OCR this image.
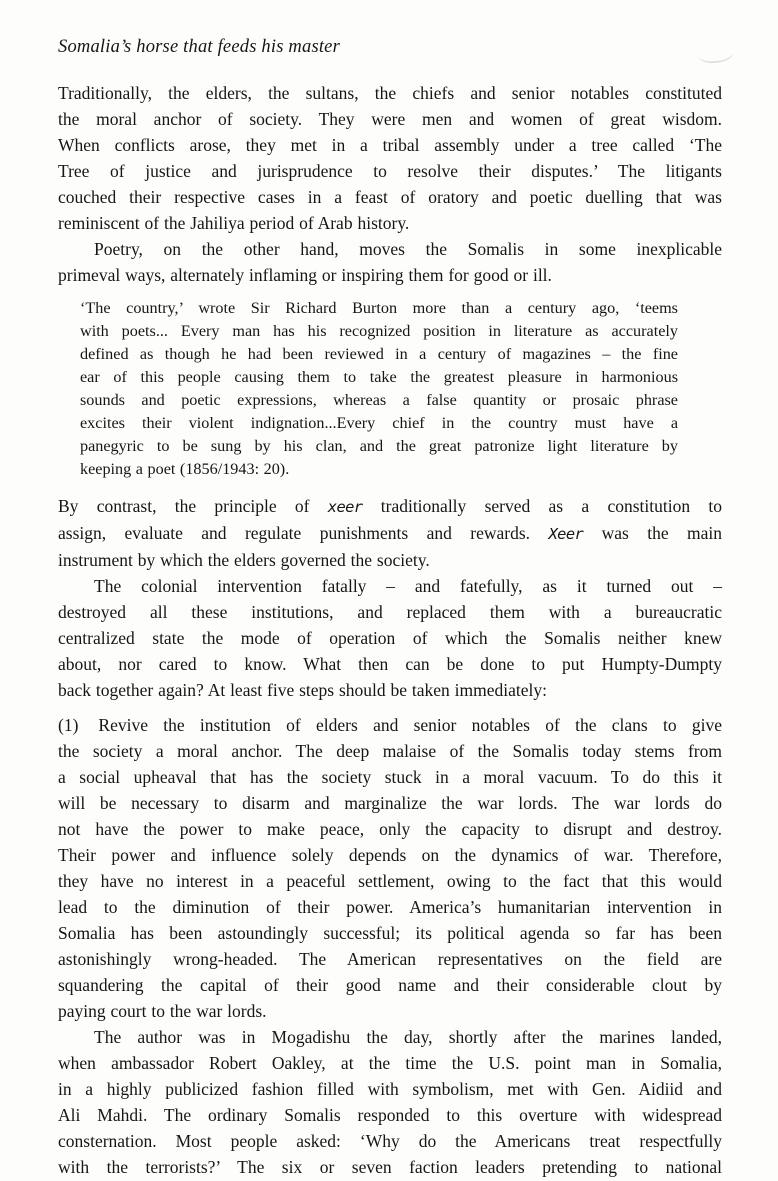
Somalia’s horse that feeds his master
Traditionally, the elders, the sultans, the chiefs and senior notables constituted
the moral anchor of society. They were men and women of great wisdom.
When conflicts arose, they met in a tribal assembly under a tree called ‘The
Tree of justice and jurisprudence to resolve their disputes.’ The litigants
couched their respective cases in a feast of oratory and poetic duelling that was
reminiscent of the Jahiliya period of Arab history.
Poetry, on the other hand, moves the Somalis in some inexplicable
primeval ways, alternately inflaming or inspiring them for good or ill.
‘The country,’ wrote Sir Richard Burton more than a century ago, ‘teems
with poets... Every man has his recognized position in literature as accurately
defined as though he had been reviewed in a century of magazines – the fine
ear of this people causing them to take the greatest pleasure in harmonious
sounds and poetic expressions, whereas a false quantity or prosaic phrase
excites their violent indignation...Every chief in the country must have a
panegyric to be sung by his clan, and the great patronize light literature by
keeping a poet (1856/1943: 20).
By contrast, the principle of xeer traditionally served as a constitution to
assign, evaluate and regulate punishments and rewards. Xeer was the main
instrument by which the elders governed the society.
The colonial intervention fatally – and fatefully, as it turned out –
destroyed all these institutions, and replaced them with a bureaucratic
centralized state the mode of operation of which the Somalis neither knew
about, nor cared to know. What then can be done to put Humpty-Dumpty
back together again? At least five steps should be taken immediately:
(1) Revive the institution of elders and senior notables of the clans to give
the society a moral anchor. The deep malaise of the Somalis today stems from
a social upheaval that has the society stuck in a moral vacuum. To do this it
will be necessary to disarm and marginalize the war lords. The war lords do
not have the power to make peace, only the capacity to disrupt and destroy.
Their power and influence solely depends on the dynamics of war. Therefore,
they have no interest in a peaceful settlement, owing to the fact that this would
lead to the diminution of their power. America’s humanitarian intervention in
Somalia has been astoundingly successful; its political agenda so far has been
astonishingly wrong-headed. The American representatives on the field are
squandering the capital of their good name and their considerable clout by
paying court to the war lords.
The author was in Mogadishu the day, shortly after the marines landed,
when ambassador Robert Oakley, at the time the U.S. point man in Somalia,
in a highly publicized fashion filled with symbolism, met with Gen. Aidiid and
Ali Mahdi. The ordinary Somalis responded to this overture with widespread
consternation. Most people asked: ‘Why do the Americans treat respectfully
with the terrorists?’ The six or seven faction leaders pretending to national
